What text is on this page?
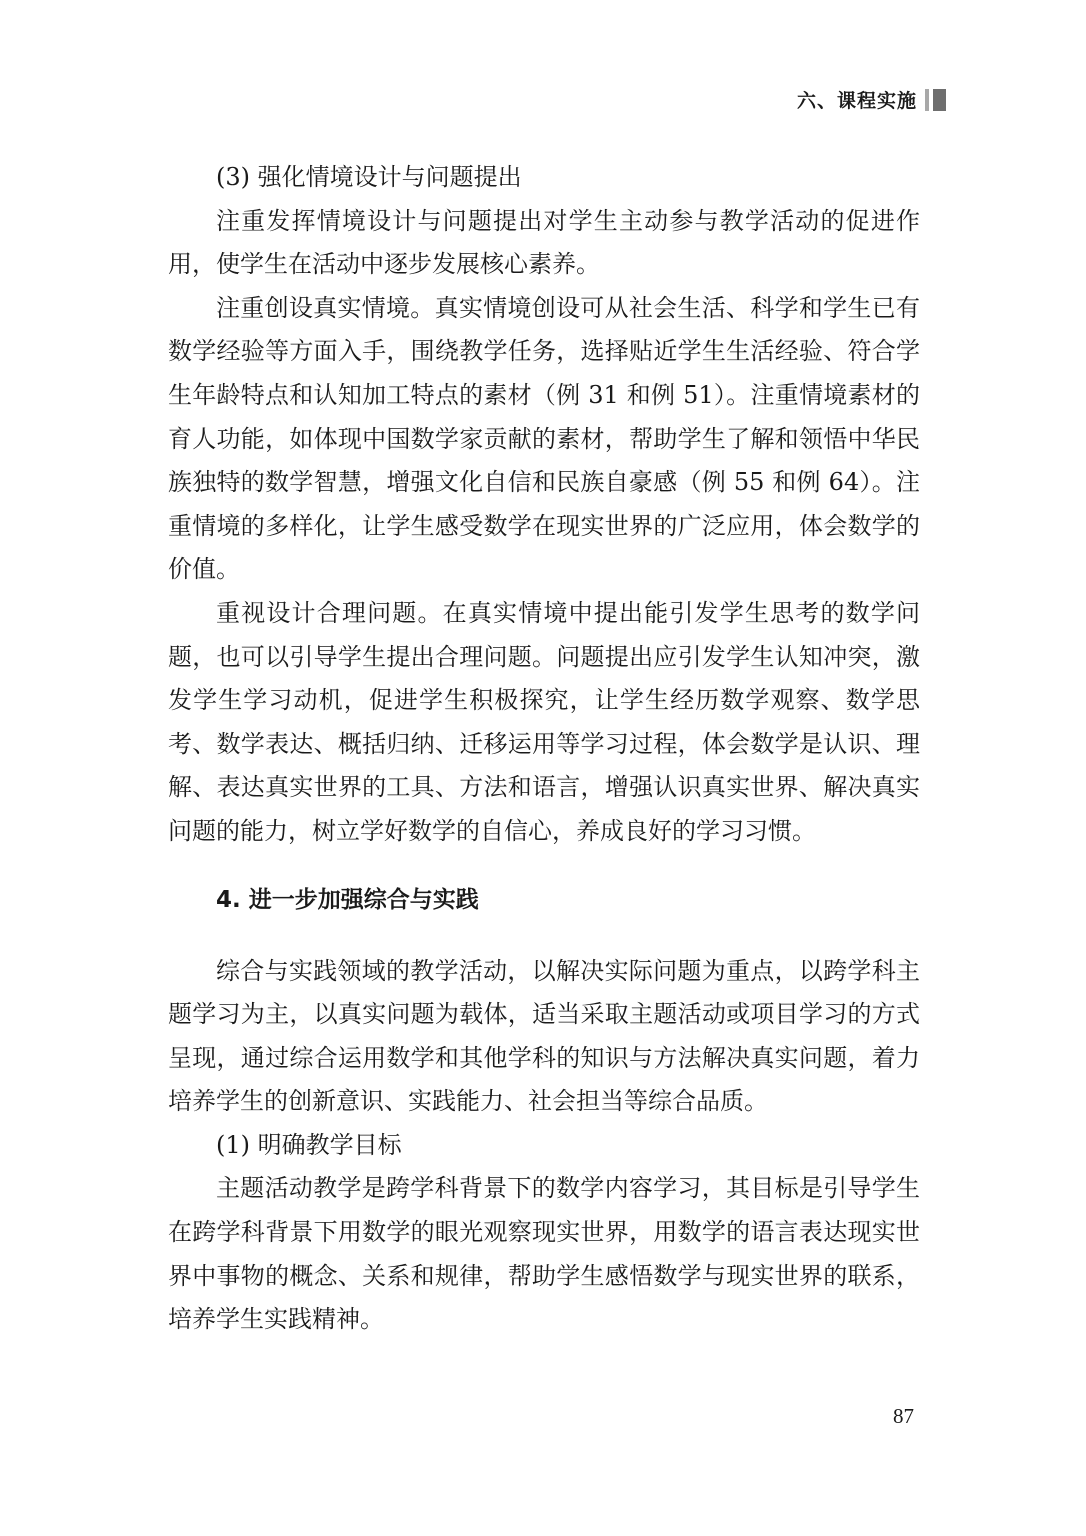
六、课程实施

(3) 强化情境设计与问题提出

注重发挥情境设计与问题提出对学生主动参与教学活动的促进作用，使学生在活动中逐步发展核心素养。

注重创设真实情境。真实情境创设可从社会生活、科学和学生已有数学经验等方面入手，围绕教学任务，选择贴近学生生活经验、符合学生年龄特点和认知加工特点的素材（例 31 和例 51）。注重情境素材的育人功能，如体现中国数学家贡献的素材，帮助学生了解和领悟中华民族独特的数学智慧，增强文化自信和民族自豪感（例 55 和例 64）。注重情境的多样化，让学生感受数学在现实世界的广泛应用，体会数学的价值。

重视设计合理问题。在真实情境中提出能引发学生思考的数学问题，也可以引导学生提出合理问题。问题提出应引发学生认知冲突，激发学生学习动机，促进学生积极探究，让学生经历数学观察、数学思考、数学表达、概括归纳、迁移运用等学习过程，体会数学是认识、理解、表达真实世界的工具、方法和语言，增强认识真实世界、解决真实问题的能力，树立学好数学的自信心，养成良好的学习习惯。

4. 进一步加强综合与实践

综合与实践领域的教学活动，以解决实际问题为重点，以跨学科主题学习为主，以真实问题为载体，适当采取主题活动或项目学习的方式呈现，通过综合运用数学和其他学科的知识与方法解决真实问题，着力培养学生的创新意识、实践能力、社会担当等综合品质。

(1) 明确教学目标

主题活动教学是跨学科背景下的数学内容学习，其目标是引导学生在跨学科背景下用数学的眼光观察现实世界，用数学的语言表达现实世界中事物的概念、关系和规律，帮助学生感悟数学与现实世界的联系，培养学生实践精神。

87
